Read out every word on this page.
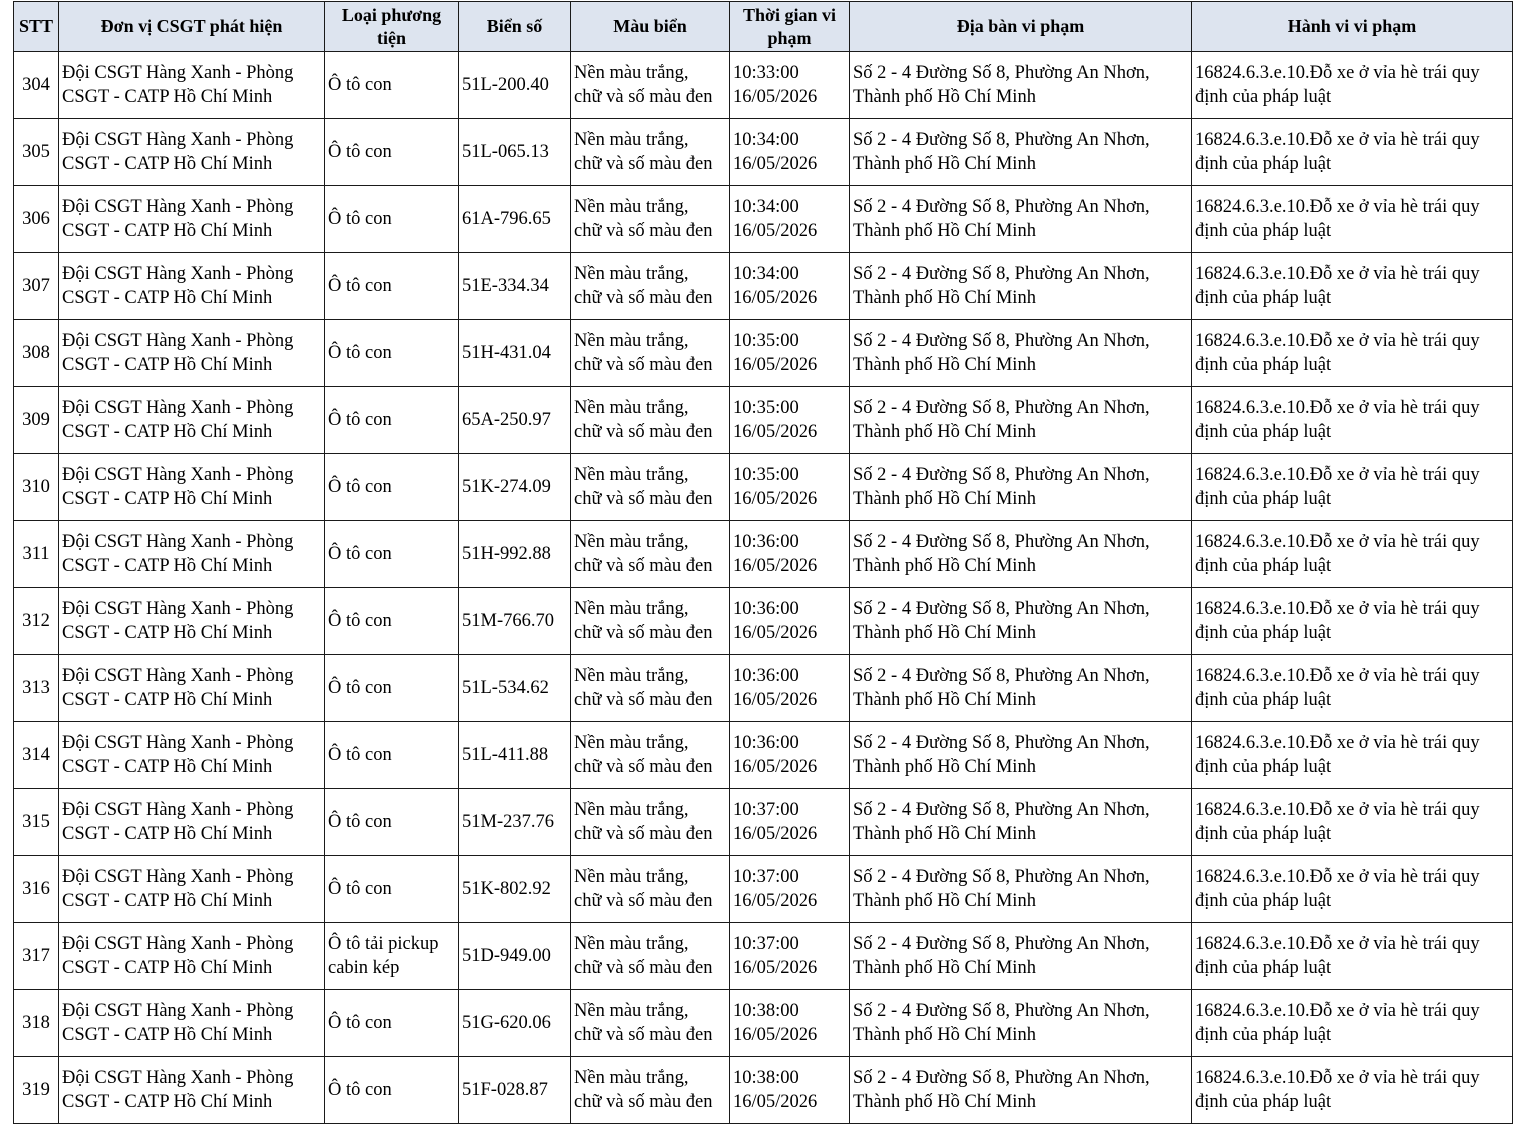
STT	Đơn vị CSGT phát hiện	Loại phương tiện	Biển số	Màu biển	Thời gian vi phạm	Địa bàn vi phạm	Hành vi vi phạm
304	Đội CSGT Hàng Xanh - Phòng
CSGT - CATP Hồ Chí Minh	Ô tô con	51L-200.40	Nền màu trắng,
chữ và số màu đen	10:33:00
16/05/2026	Số 2 - 4 Đường Số 8, Phường An Nhơn,
Thành phố Hồ Chí Minh	16824.6.3.e.10.Đỗ xe ở vỉa hè trái quy
định của pháp luật

305	Đội CSGT Hàng Xanh - Phòng
CSGT - CATP Hồ Chí Minh	Ô tô con	51L-065.13	Nền màu trắng,
chữ và số màu đen	10:34:00
16/05/2026	Số 2 - 4 Đường Số 8, Phường An Nhơn,
Thành phố Hồ Chí Minh	16824.6.3.e.10.Đỗ xe ở vỉa hè trái quy
định của pháp luật

306	Đội CSGT Hàng Xanh - Phòng
CSGT - CATP Hồ Chí Minh	Ô tô con	61A-796.65	Nền màu trắng,
chữ và số màu đen	10:34:00
16/05/2026	Số 2 - 4 Đường Số 8, Phường An Nhơn,
Thành phố Hồ Chí Minh	16824.6.3.e.10.Đỗ xe ở vỉa hè trái quy
định của pháp luật

307	Đội CSGT Hàng Xanh - Phòng
CSGT - CATP Hồ Chí Minh	Ô tô con	51E-334.34	Nền màu trắng,
chữ và số màu đen	10:34:00
16/05/2026	Số 2 - 4 Đường Số 8, Phường An Nhơn,
Thành phố Hồ Chí Minh	16824.6.3.e.10.Đỗ xe ở vỉa hè trái quy
định của pháp luật

308	Đội CSGT Hàng Xanh - Phòng
CSGT - CATP Hồ Chí Minh	Ô tô con	51H-431.04	Nền màu trắng,
chữ và số màu đen	10:35:00
16/05/2026	Số 2 - 4 Đường Số 8, Phường An Nhơn,
Thành phố Hồ Chí Minh	16824.6.3.e.10.Đỗ xe ở vỉa hè trái quy
định của pháp luật

309	Đội CSGT Hàng Xanh - Phòng
CSGT - CATP Hồ Chí Minh	Ô tô con	65A-250.97	Nền màu trắng,
chữ và số màu đen	10:35:00
16/05/2026	Số 2 - 4 Đường Số 8, Phường An Nhơn,
Thành phố Hồ Chí Minh	16824.6.3.e.10.Đỗ xe ở vỉa hè trái quy
định của pháp luật

310	Đội CSGT Hàng Xanh - Phòng
CSGT - CATP Hồ Chí Minh	Ô tô con	51K-274.09	Nền màu trắng,
chữ và số màu đen	10:35:00
16/05/2026	Số 2 - 4 Đường Số 8, Phường An Nhơn,
Thành phố Hồ Chí Minh	16824.6.3.e.10.Đỗ xe ở vỉa hè trái quy
định của pháp luật

311	Đội CSGT Hàng Xanh - Phòng
CSGT - CATP Hồ Chí Minh	Ô tô con	51H-992.88	Nền màu trắng,
chữ và số màu đen	10:36:00
16/05/2026	Số 2 - 4 Đường Số 8, Phường An Nhơn,
Thành phố Hồ Chí Minh	16824.6.3.e.10.Đỗ xe ở vỉa hè trái quy
định của pháp luật

312	Đội CSGT Hàng Xanh - Phòng
CSGT - CATP Hồ Chí Minh	Ô tô con	51M-766.70	Nền màu trắng,
chữ và số màu đen	10:36:00
16/05/2026	Số 2 - 4 Đường Số 8, Phường An Nhơn,
Thành phố Hồ Chí Minh	16824.6.3.e.10.Đỗ xe ở vỉa hè trái quy
định của pháp luật

313	Đội CSGT Hàng Xanh - Phòng
CSGT - CATP Hồ Chí Minh	Ô tô con	51L-534.62	Nền màu trắng,
chữ và số màu đen	10:36:00
16/05/2026	Số 2 - 4 Đường Số 8, Phường An Nhơn,
Thành phố Hồ Chí Minh	16824.6.3.e.10.Đỗ xe ở vỉa hè trái quy
định của pháp luật

314	Đội CSGT Hàng Xanh - Phòng
CSGT - CATP Hồ Chí Minh	Ô tô con	51L-411.88	Nền màu trắng,
chữ và số màu đen	10:36:00
16/05/2026	Số 2 - 4 Đường Số 8, Phường An Nhơn,
Thành phố Hồ Chí Minh	16824.6.3.e.10.Đỗ xe ở vỉa hè trái quy
định của pháp luật

315	Đội CSGT Hàng Xanh - Phòng
CSGT - CATP Hồ Chí Minh	Ô tô con	51M-237.76	Nền màu trắng,
chữ và số màu đen	10:37:00
16/05/2026	Số 2 - 4 Đường Số 8, Phường An Nhơn,
Thành phố Hồ Chí Minh	16824.6.3.e.10.Đỗ xe ở vỉa hè trái quy
định của pháp luật

316	Đội CSGT Hàng Xanh - Phòng
CSGT - CATP Hồ Chí Minh	Ô tô con	51K-802.92	Nền màu trắng,
chữ và số màu đen	10:37:00
16/05/2026	Số 2 - 4 Đường Số 8, Phường An Nhơn,
Thành phố Hồ Chí Minh	16824.6.3.e.10.Đỗ xe ở vỉa hè trái quy
định của pháp luật

317	Đội CSGT Hàng Xanh - Phòng
CSGT - CATP Hồ Chí Minh	Ô tô tải pickup
cabin kép	51D-949.00	Nền màu trắng,
chữ và số màu đen	10:37:00
16/05/2026	Số 2 - 4 Đường Số 8, Phường An Nhơn,
Thành phố Hồ Chí Minh	16824.6.3.e.10.Đỗ xe ở vỉa hè trái quy
định của pháp luật

318	Đội CSGT Hàng Xanh - Phòng
CSGT - CATP Hồ Chí Minh	Ô tô con	51G-620.06	Nền màu trắng,
chữ và số màu đen	10:38:00
16/05/2026	Số 2 - 4 Đường Số 8, Phường An Nhơn,
Thành phố Hồ Chí Minh	16824.6.3.e.10.Đỗ xe ở vỉa hè trái quy
định của pháp luật

319	Đội CSGT Hàng Xanh - Phòng
CSGT - CATP Hồ Chí Minh	Ô tô con	51F-028.87	Nền màu trắng,
chữ và số màu đen	10:38:00
16/05/2026	Số 2 - 4 Đường Số 8, Phường An Nhơn,
Thành phố Hồ Chí Minh	16824.6.3.e.10.Đỗ xe ở vỉa hè trái quy
định của pháp luật
